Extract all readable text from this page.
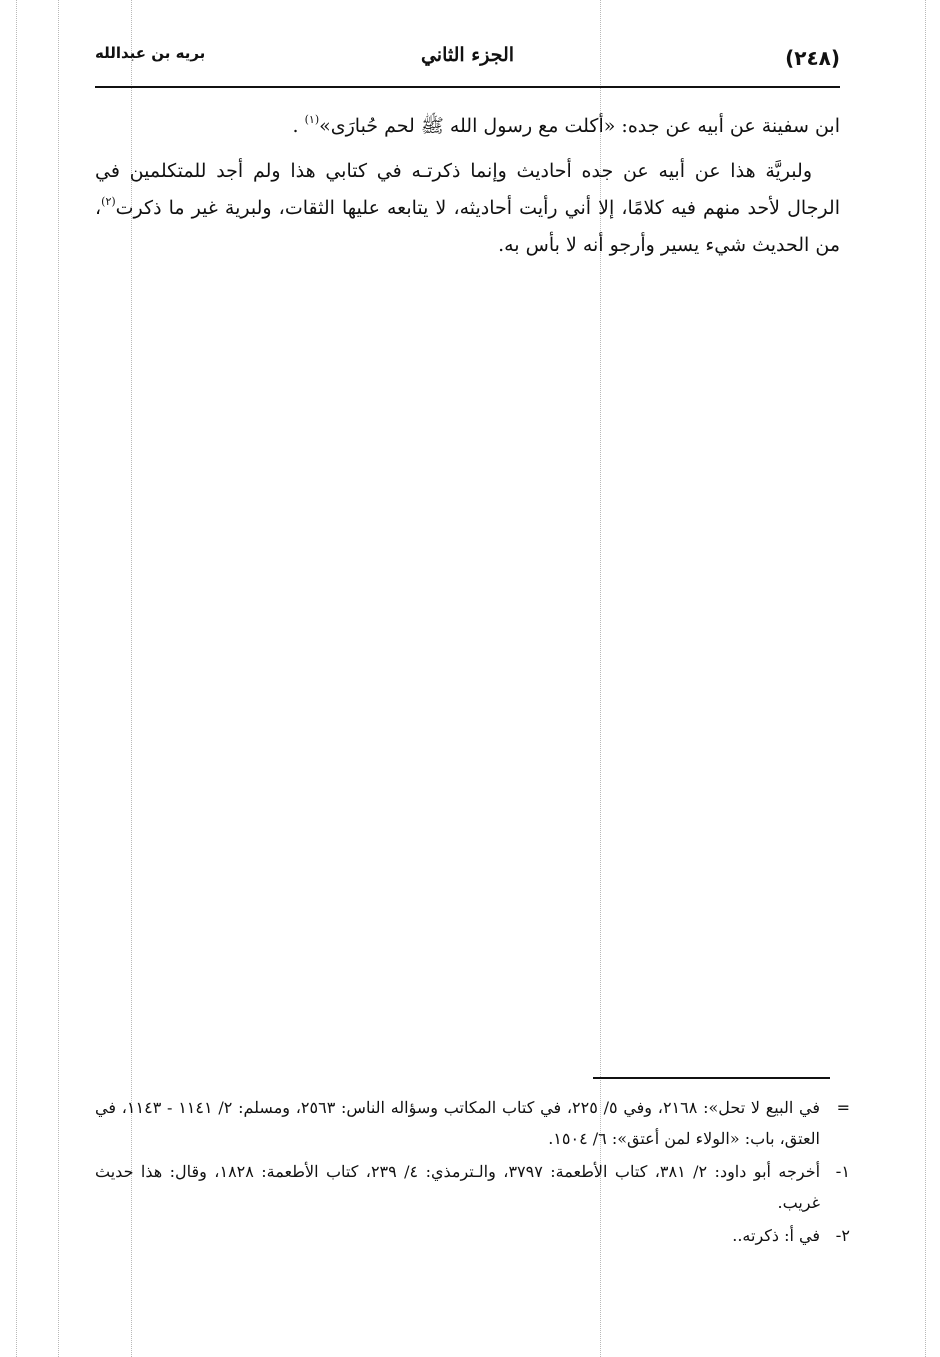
(٢٤٨)
الجزء الثاني
بريه بن عبدالله

ابن سفينة عن أبيه عن جده: «أكلت مع رسول الله ﷺ لحم حُبارَى»$^{(١)}$ .

ولبريَّة هذا عن أبيه عن جده أحاديث وإنما ذكرتـه في كتابي هذا ولم أجد للمتكلمين في الرجال لأحد منهم فيه كلامًا، إلا أني رأيت أحاديثه، لا يتابعه عليها الثقات، ولبرية غير ما ذكرت$^{(٢)}$، من الحديث شيء يسير وأرجو أنه لا بأس به.

=
في البيع لا تحل»: ٢١٦٨، وفي ٥/ ٢٢٥، في كتاب المكاتب وسؤاله الناس: ٢٥٦٣، ومسلم: ٢/ ١١٤١ - ١١٤٣، في العتق، باب: «الولاء لمن أعتق»: ٦/ ١٥٠٤.
١-
أخرجه أبو داود: ٢/ ٣٨١، كتاب الأطعمة: ٣٧٩٧، والـترمذي: ٤/ ٢٣٩، كتاب الأطعمة: ١٨٢٨، وقال: هذا حديث غريب.
٢-
في أ: ذكرته..
